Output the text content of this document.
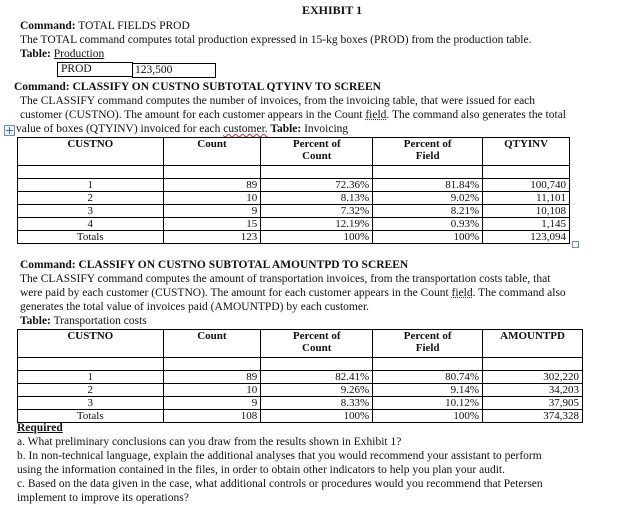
EXHIBIT 1
Command: TOTAL FIELDS PROD
The TOTAL command computes total production expressed in 15-kg boxes (PROD) from the production table.
Table: Production
PROD	123,500
Command: CLASSIFY ON CUSTNO SUBTOTAL QTYINV TO SCREEN
The CLASSIFY command computes the number of invoices, from the invoicing table, that were issued for each
customer (CUSTNO). The amount for each customer appears in the Count field. The command also generates the total
value of boxes (QTYINV) invoiced for each customer. Table: Invoicing
CUSTNO	Count	Percent of Count	Percent of Field	QTYINV

1	89	72.36%	81.84%	100,740
2	10	8.13%	9.02%	11,101
3	9	7.32%	8.21%	10,108
4	15	12.19%	0.93%	1,145
Totals	123	100%	100%	123,094
Command: CLASSIFY ON CUSTNO SUBTOTAL AMOUNTPD TO SCREEN
The CLASSIFY command computes the amount of transportation invoices, from the transportation costs table, that
were paid by each customer (CUSTNO). The amount for each customer appears in the Count field. The command also
generates the total value of invoices paid (AMOUNTPD) by each customer.
Table: Transportation costs
CUSTNO	Count	Percent of Count	Percent of Field	AMOUNTPD

1	89	82.41%	80.74%	302,220
2	10	9.26%	9.14%	34,203
3	9	8.33%	10.12%	37,905
Totals	108	100%	100%	374,328
Required
a. What preliminary conclusions can you draw from the results shown in Exhibit 1?
b. In non-technical language, explain the additional analyses that you would recommend your assistant to perform
using the information contained in the files, in order to obtain other indicators to help you plan your audit.
c. Based on the data given in the case, what additional controls or procedures would you recommend that Petersen
implement to improve its operations?
